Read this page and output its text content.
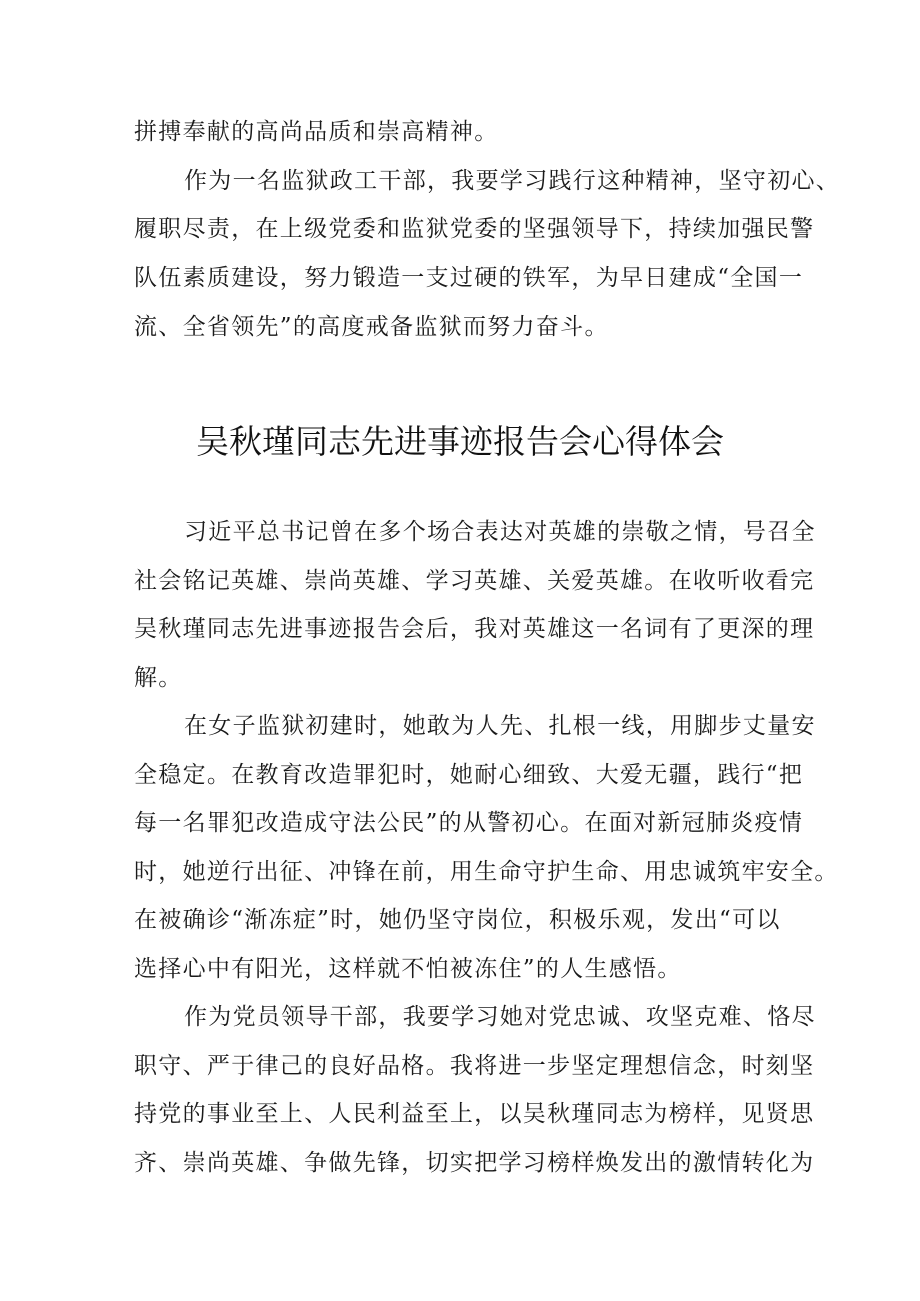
拼搏奉献的高尚品质和崇高精神。
作为一名监狱政工干部，我要学习践行这种精神，坚守初心、
履职尽责，在上级党委和监狱党委的坚强领导下，持续加强民警
队伍素质建设，努力锻造一支过硬的铁军，为早日建成“全国一
流、全省领先”的高度戒备监狱而努力奋斗。
吴秋瑾同志先进事迹报告会心得体会
习近平总书记曾在多个场合表达对英雄的崇敬之情，号召全
社会铭记英雄、崇尚英雄、学习英雄、关爱英雄。在收听收看完
吴秋瑾同志先进事迹报告会后，我对英雄这一名词有了更深的理
解。
在女子监狱初建时，她敢为人先、扎根一线，用脚步丈量安
全稳定。在教育改造罪犯时，她耐心细致、大爱无疆，践行“把
每一名罪犯改造成守法公民”的从警初心。在面对新冠肺炎疫情
时，她逆行出征、冲锋在前，用生命守护生命、用忠诚筑牢安全。
在被确诊“渐冻症”时，她仍坚守岗位，积极乐观，发出“可以
选择心中有阳光，这样就不怕被冻住”的人生感悟。
作为党员领导干部，我要学习她对党忠诚、攻坚克难、恪尽
职守、严于律己的良好品格。我将进一步坚定理想信念，时刻坚
持党的事业至上、人民利益至上，以吴秋瑾同志为榜样，见贤思
齐、崇尚英雄、争做先锋，切实把学习榜样焕发出的激情转化为
